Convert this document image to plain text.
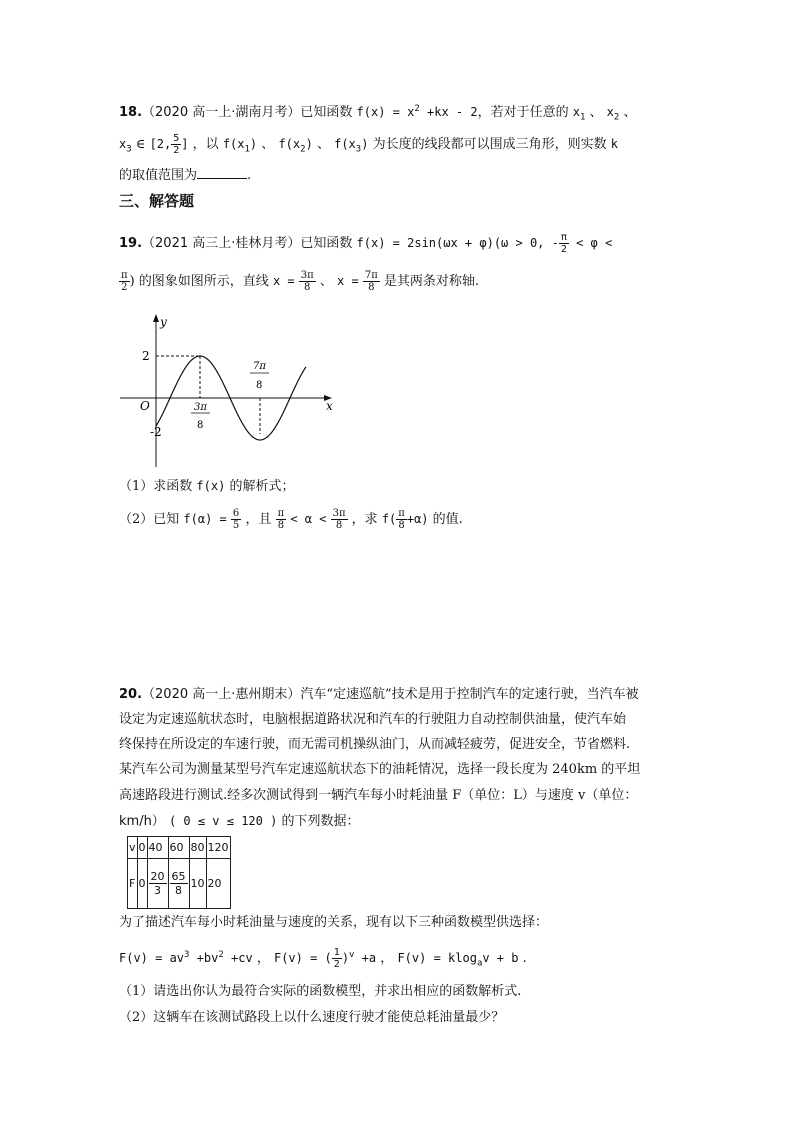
18.（2020 高一上·湖南月考）已知函数 $f(x) = x^2 +kx - 2$，若对于任意的 $x_1$ 、 $x_2$ 、
$x_3$ ∈ [2, $\frac{5}{2}$ ] ，以 $f(x_1)$ 、 $f(x_2)$ 、 $f(x_3)$ 为长度的线段都可以围成三角形，则实数 k
的取值范围为	.
三、解答题
19.（2021 高三上·桂林月考）已知函数 f(x) = 2sin(ωx + φ)(ω > 0, - $\frac{\pi}{2} < \varphi$ <
$\frac{\pi}{2}$ ) 的图象如图所示，直线 $x = \frac{3\pi}{8}$ 、 $x = \frac{7\pi}{8}$ 是其两条对称轴.
y
x
O
2
-2
3π
8
7π
8
（1）求函数 f(x) 的解析式；
（2）已知 $f(\alpha) = \frac{6}{5}$ ，且 $\frac{\pi}{8} < \alpha < \frac{3\pi}{8}$ ，求 $f( \frac{\pi}{8} +\alpha)$ 的值.
20.（2020 高一上·惠州期末）汽车“定速巡航”技术是用于控制汽车的定速行驶，当汽车被
设定为定速巡航状态时，电脑根据道路状况和汽车的行驶阻力自动控制供油量，使汽车始
终保持在所设定的车速行驶，而无需司机操纵油门，从而减轻疲劳，促进安全，节省燃料.
某汽车公司为测量某型号汽车定速巡航状态下的油耗情况，选择一段长度为 240km 的平坦
高速路段进行测试.经多次测试得到一辆汽车每小时耗油量 F（单位：L）与速度 v（单位：
km/h） ( 0 ≤ v ≤ 120 ) 的下列数据：
v	0	40	60	80	120
F	0	$\frac{20}{3}$	$\frac{65}{8}$	10	20
为了描述汽车每小时耗油量与速度的关系，现有以下三种函数模型供选择：
$F(v) = av^3 +bv^2 +cv$ ， F(v) = ( $\frac{1}{2} )^v +a$ ， F(v) = klog$_a$v + b .
（1）请选出你认为最符合实际的函数模型，并求出相应的函数解析式.
（2）这辆车在该测试路段上以什么速度行驶才能使总耗油量最少？
